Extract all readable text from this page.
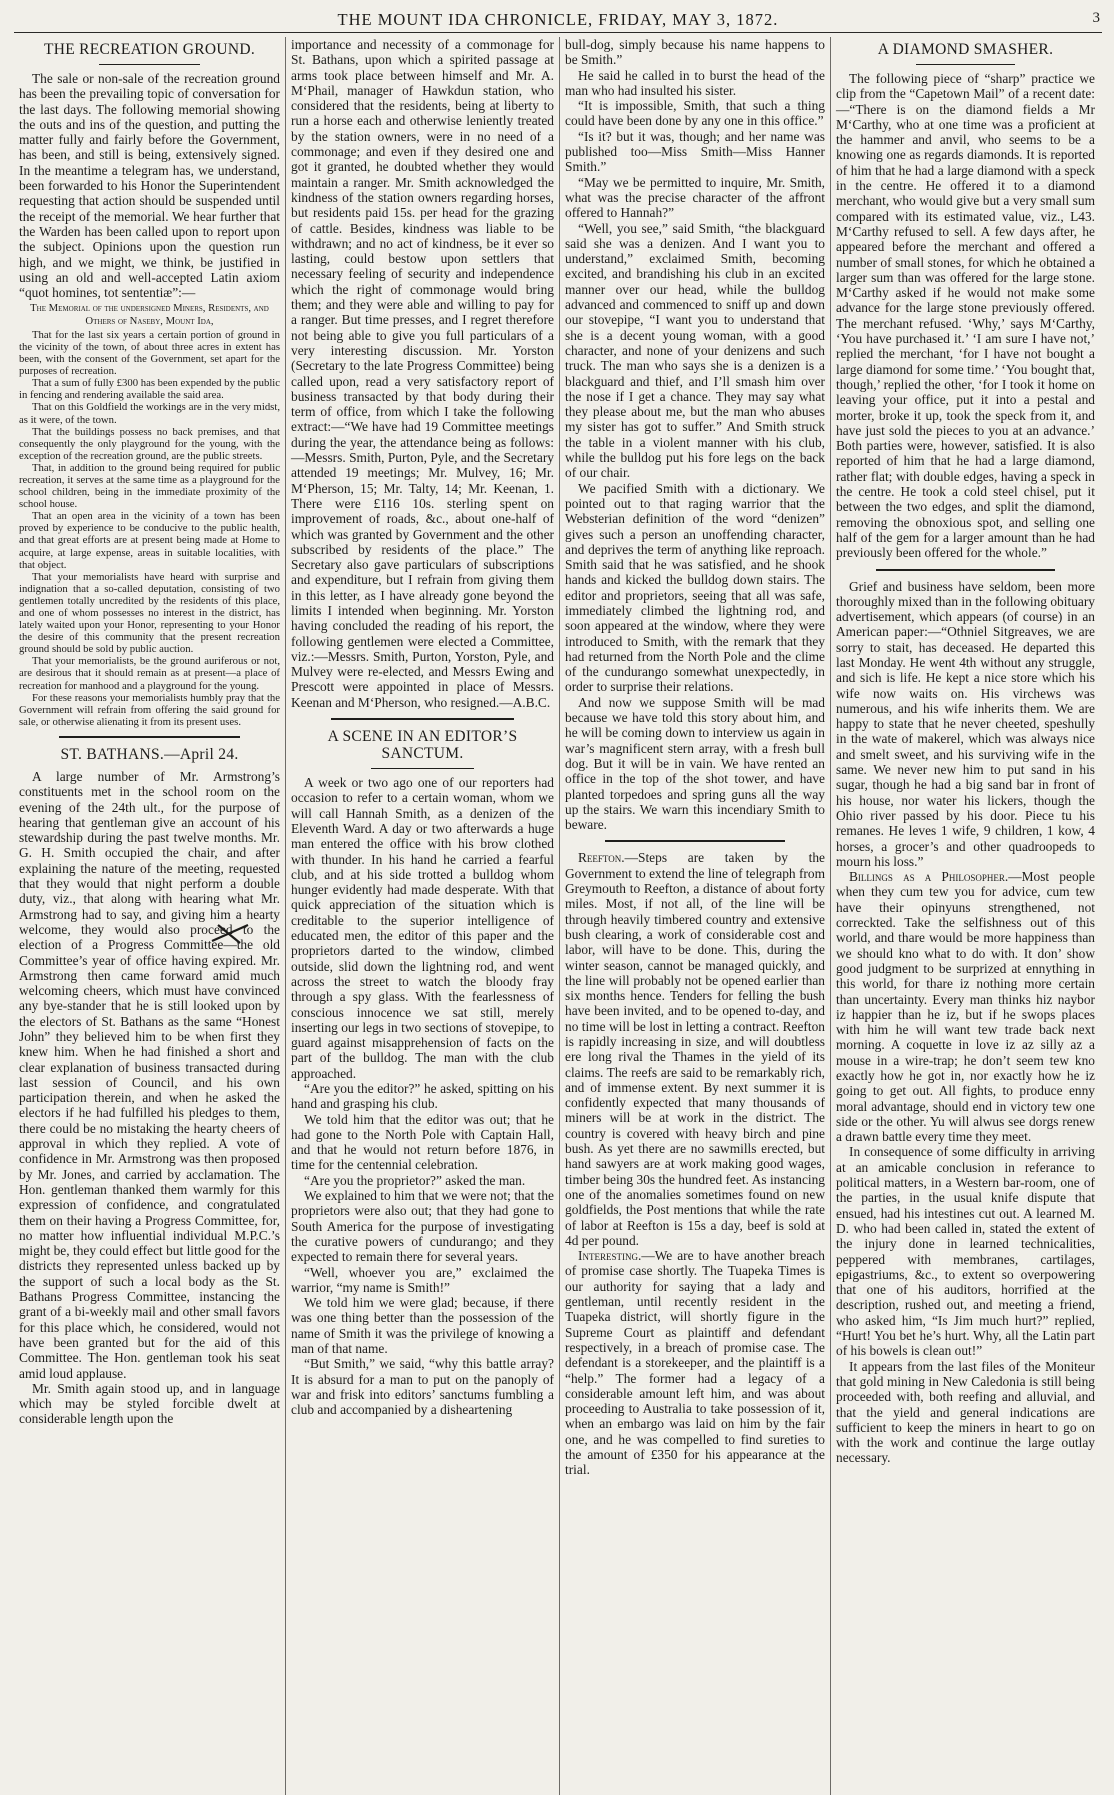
THE MOUNT IDA CHRONICLE, FRIDAY, MAY 3, 1872.	3
THE RECREATION GROUND.

The sale or non-sale of the recreation ground has been the prevailing topic of conversation for the last days. The following memorial showing the outs and ins of the question, and putting the matter fully and fairly before the Government, has been, and still is being, extensively signed. In the meantime a telegram has, we understand, been forwarded to his Honor the Superintendent requesting that action should be suspended until the receipt of the memorial. We hear further that the Warden has been called upon to report upon the subject. Opinions upon the question run high, and we might, we think, be justified in using an old and well-accepted Latin axiom “quot homines, tot sententiæ”:—

The Memorial of the undersigned Miners, Residents, and Others of Naseby, Mount Ida,

That for the last six years a certain portion of ground in the vicinity of the town, of about three acres in extent has been, with the consent of the Government, set apart for the purposes of recreation.

That a sum of fully £300 has been expended by the public in fencing and rendering available the said area.

That on this Goldfield the workings are in the very midst, as it were, of the town.

That the buildings possess no back premises, and that consequently the only playground for the young, with the exception of the recreation ground, are the public streets.

That, in addition to the ground being required for public recreation, it serves at the same time as a playground for the school children, being in the immediate proximity of the school house.

That an open area in the vicinity of a town has been proved by experience to be conducive to the public health, and that great efforts are at present being made at Home to acquire, at large expense, areas in suitable localities, with that object.

That your memorialists have heard with surprise and indignation that a so-called deputation, consisting of two gentlemen totally uncredited by the residents of this place, and one of whom possesses no interest in the district, has lately waited upon your Honor, representing to your Honor the desire of this community that the present recreation ground should be sold by public auction.

That your memorialists, be the ground auriferous or not, are desirous that it should remain as at present—a place of recreation for manhood and a playground for the young.

For these reasons your memorialists humbly pray that the Government will refrain from offering the said ground for sale, or otherwise alienating it from its present uses.

ST. BATHANS.—April 24.

A large number of Mr. Armstrong’s constituents met in the school room on the evening of the 24th ult., for the purpose of hearing that gentleman give an account of his stewardship during the past twelve months. Mr. G. H. Smith occupied the chair, and after explaining the nature of the meeting, requested that they would that night perform a double duty, viz., that along with hearing what Mr. Armstrong had to say, and giving him a hearty welcome, they would also proceed to the election of a Progress Committee—the old Committee’s year of office having expired. Mr. Armstrong then came forward amid much welcoming cheers, which must have convinced any bye-stander that he is still looked upon by the electors of St. Bathans as the same “Honest John” they believed him to be when first they knew him. When he had finished a short and clear explanation of business transacted during last session of Council, and his own participation therein, and when he asked the electors if he had fulfilled his pledges to them, there could be no mistaking the hearty cheers of approval in which they replied. A vote of confidence in Mr. Armstrong was then proposed by Mr. Jones, and carried by acclamation. The Hon. gentleman thanked them warmly for this expression of confidence, and congratulated them on their having a Progress Committee, for, no matter how influential individual M.P.C.’s might be, they could effect but little good for the districts they represented unless backed up by the support of such a local body as the St. Bathans Progress Committee, instancing the grant of a bi-weekly mail and other small favors for this place which, he considered, would not have been granted but for the aid of this Committee. The Hon. gentleman took his seat amid loud applause.

Mr. Smith again stood up, and in language which may be styled forcible dwelt at considerable length upon the

importance and necessity of a commonage for St. Bathans, upon which a spirited passage at arms took place between himself and Mr. A. M‘Phail, manager of Hawkdun station, who considered that the residents, being at liberty to run a horse each and otherwise leniently treated by the station owners, were in no need of a commonage; and even if they desired one and got it granted, he doubted whether they would maintain a ranger. Mr. Smith acknowledged the kindness of the station owners regarding horses, but residents paid 15s. per head for the grazing of cattle. Besides, kindness was liable to be withdrawn; and no act of kindness, be it ever so lasting, could bestow upon settlers that necessary feeling of security and independence which the right of commonage would bring them; and they were able and willing to pay for a ranger. But time presses, and I regret therefore not being able to give you full particulars of a very interesting discussion. Mr. Yorston (Secretary to the late Progress Committee) being called upon, read a very satisfactory report of business transacted by that body during their term of office, from which I take the following extract:—“We have had 19 Committee meetings during the year, the attendance being as follows:—Messrs. Smith, Purton, Pyle, and the Secretary attended 19 meetings; Mr. Mulvey, 16; Mr. M‘Pherson, 15; Mr. Talty, 14; Mr. Keenan, 1. There were £116 10s. sterling spent on improvement of roads, &c., about one-half of which was granted by Government and the other subscribed by residents of the place.” The Secretary also gave particulars of subscriptions and expenditure, but I refrain from giving them in this letter, as I have already gone beyond the limits I intended when beginning. Mr. Yorston having concluded the reading of his report, the following gentlemen were elected a Committee, viz.:—Messrs. Smith, Purton, Yorston, Pyle, and Mulvey were re-elected, and Messrs Ewing and Prescott were appointed in place of Messrs. Keenan and M‘Pherson, who resigned.—A.B.C.

A SCENE IN AN EDITOR’S SANCTUM.

A week or two ago one of our reporters had occasion to refer to a certain woman, whom we will call Hannah Smith, as a denizen of the Eleventh Ward. A day or two afterwards a huge man entered the office with his brow clothed with thunder. In his hand he carried a fearful club, and at his side trotted a bulldog whom hunger evidently had made desperate. With that quick appreciation of the situation which is creditable to the superior intelligence of educated men, the editor of this paper and the proprietors darted to the window, climbed outside, slid down the lightning rod, and went across the street to watch the bloody fray through a spy glass. With the fearlessness of conscious innocence we sat still, merely inserting our legs in two sections of stovepipe, to guard against misapprehension of facts on the part of the bulldog. The man with the club approached.

“Are you the editor?” he asked, spitting on his hand and grasping his club.

We told him that the editor was out; that he had gone to the North Pole with Captain Hall, and that he would not return before 1876, in time for the centennial celebration.

“Are you the proprietor?” asked the man.

We explained to him that we were not; that the proprietors were also out; that they had gone to South America for the purpose of investigating the curative powers of cundurango; and they expected to remain there for several years.

“Well, whoever you are,” exclaimed the warrior, “my name is Smith!”

We told him we were glad; because, if there was one thing better than the possession of the name of Smith it was the privilege of knowing a man of that name.

“But Smith,” we said, “why this battle array? It is absurd for a man to put on the panoply of war and frisk into editors’ sanctums fumbling a club and accompanied by a disheartening

bull-dog, simply because his name happens to be Smith.”

He said he called in to burst the head of the man who had insulted his sister.

“It is impossible, Smith, that such a thing could have been done by any one in this office.”

“Is it? but it was, though; and her name was published too—Miss Smith—Miss Hanner Smith.”

“May we be permitted to inquire, Mr. Smith, what was the precise character of the affront offered to Hannah?”

“Well, you see,” said Smith, “the blackguard said she was a denizen. And I want you to understand,” exclaimed Smith, becoming excited, and brandishing his club in an excited manner over our head, while the bulldog advanced and commenced to sniff up and down our stovepipe, “I want you to understand that she is a decent young woman, with a good character, and none of your denizens and such truck. The man who says she is a denizen is a blackguard and thief, and I’ll smash him over the nose if I get a chance. They may say what they please about me, but the man who abuses my sister has got to suffer.” And Smith struck the table in a violent manner with his club, while the bulldog put his fore legs on the back of our chair.

We pacified Smith with a dictionary. We pointed out to that raging warrior that the Websterian definition of the word “denizen” gives such a person an unoffending character, and deprives the term of anything like reproach. Smith said that he was satisfied, and he shook hands and kicked the bulldog down stairs. The editor and proprietors, seeing that all was safe, immediately climbed the lightning rod, and soon appeared at the window, where they were introduced to Smith, with the remark that they had returned from the North Pole and the clime of the cundurango somewhat unexpectedly, in order to surprise their relations.

And now we suppose Smith will be mad because we have told this story about him, and he will be coming down to interview us again in war’s magnificent stern array, with a fresh bull dog. But it will be in vain. We have rented an office in the top of the shot tower, and have planted torpedoes and spring guns all the way up the stairs. We warn this incendiary Smith to beware.

Reefton.—Steps are taken by the Government to extend the line of telegraph from Greymouth to Reefton, a distance of about forty miles. Most, if not all, of the line will be through heavily timbered country and extensive bush clearing, a work of considerable cost and labor, will have to be done. This, during the winter season, cannot be managed quickly, and the line will probably not be opened earlier than six months hence. Tenders for felling the bush have been invited, and to be opened to-day, and no time will be lost in letting a contract. Reefton is rapidly increasing in size, and will doubtless ere long rival the Thames in the yield of its claims. The reefs are said to be remarkably rich, and of immense extent. By next summer it is confidently expected that many thousands of miners will be at work in the district. The country is covered with heavy birch and pine bush. As yet there are no sawmills erected, but hand sawyers are at work making good wages, timber being 30s the hundred feet. As instancing one of the anomalies sometimes found on new goldfields, the Post mentions that while the rate of labor at Reefton is 15s a day, beef is sold at 4d per pound.

Interesting.—We are to have another breach of promise case shortly. The Tuapeka Times is our authority for saying that a lady and gentleman, until recently resident in the Tuapeka district, will shortly figure in the Supreme Court as plaintiff and defendant respectively, in a breach of promise case. The defendant is a storekeeper, and the plaintiff is a “help.” The former had a legacy of a considerable amount left him, and was about proceeding to Australia to take possession of it, when an embargo was laid on him by the fair one, and he was compelled to find sureties to the amount of £350 for his appearance at the trial.

A DIAMOND SMASHER.

The following piece of “sharp” practice we clip from the “Capetown Mail” of a recent date:—“There is on the diamond fields a Mr M‘Carthy, who at one time was a proficient at the hammer and anvil, who seems to be a knowing one as regards diamonds. It is reported of him that he had a large diamond with a speck in the centre. He offered it to a diamond merchant, who would give but a very small sum compared with its estimated value, viz., L43. M‘Carthy refused to sell. A few days after, he appeared before the merchant and offered a number of small stones, for which he obtained a larger sum than was offered for the large stone. M‘Carthy asked if he would not make some advance for the large stone previously offered. The merchant refused. ‘Why,’ says M‘Carthy, ‘You have purchased it.’ ‘I am sure I have not,’ replied the merchant, ‘for I have not bought a large diamond for some time.’ ‘You bought that, though,’ replied the other, ‘for I took it home on leaving your office, put it into a pestal and morter, broke it up, took the speck from it, and have just sold the pieces to you at an advance.’ Both parties were, however, satisfied. It is also reported of him that he had a large diamond, rather flat; with double edges, having a speck in the centre. He took a cold steel chisel, put it between the two edges, and split the diamond, removing the obnoxious spot, and selling one half of the gem for a larger amount than he had previously been offered for the whole.”

Grief and business have seldom, been more thoroughly mixed than in the following obituary advertisement, which appears (of course) in an American paper:—“Othniel Sitgreaves, we are sorry to stait, has deceased. He departed this last Monday. He went 4th without any struggle, and sich is life. He kept a nice store which his wife now waits on. His virchews was numerous, and his wife inherits them. We are happy to state that he never cheeted, speshully in the wate of makerel, which was always nice and smelt sweet, and his surviving wife in the same. We never new him to put sand in his sugar, though he had a big sand bar in front of his house, nor water his lickers, though the Ohio river passed by his door. Piece tu his remanes. He leves 1 wife, 9 children, 1 kow, 4 horses, a grocer’s and other quadroopeds to mourn his loss.”

Billings as a Philosopher.—Most people when they cum tew you for advice, cum tew have their opinyuns strengthened, not correckted. Take the selfishness out of this world, and thare would be more happiness than we should kno what to do with. It don’ show good judgment to be surprized at ennything in this world, for thare iz nothing more certain than uncertainty. Every man thinks hiz naybor iz happier than he iz, but if he swops places with him he will want tew trade back next morning. A coquette in love iz az silly az a mouse in a wire-trap; he don’t seem tew kno exactly how he got in, nor exactly how he iz going to get out. All fights, to produce enny moral advantage, should end in victory tew one side or the other. Yu will alwus see dorgs renew a drawn battle every time they meet.

In consequence of some difficulty in arriving at an amicable conclusion in referance to political matters, in a Western bar-room, one of the parties, in the usual knife dispute that ensued, had his intestines cut out. A learned M. D. who had been called in, stated the extent of the injury done in learned technicalities, peppered with membranes, cartilages, epigastriums, &c., to extent so overpowering that one of his auditors, horrified at the description, rushed out, and meeting a friend, who asked him, “Is Jim much hurt?” replied, “Hurt! You bet he’s hurt. Why, all the Latin part of his bowels is clean out!”

It appears from the last files of the Moniteur that gold mining in New Caledonia is still being proceeded with, both reefing and alluvial, and that the yield and general indications are sufficient to keep the miners in heart to go on with the work and continue the large outlay necessary.
